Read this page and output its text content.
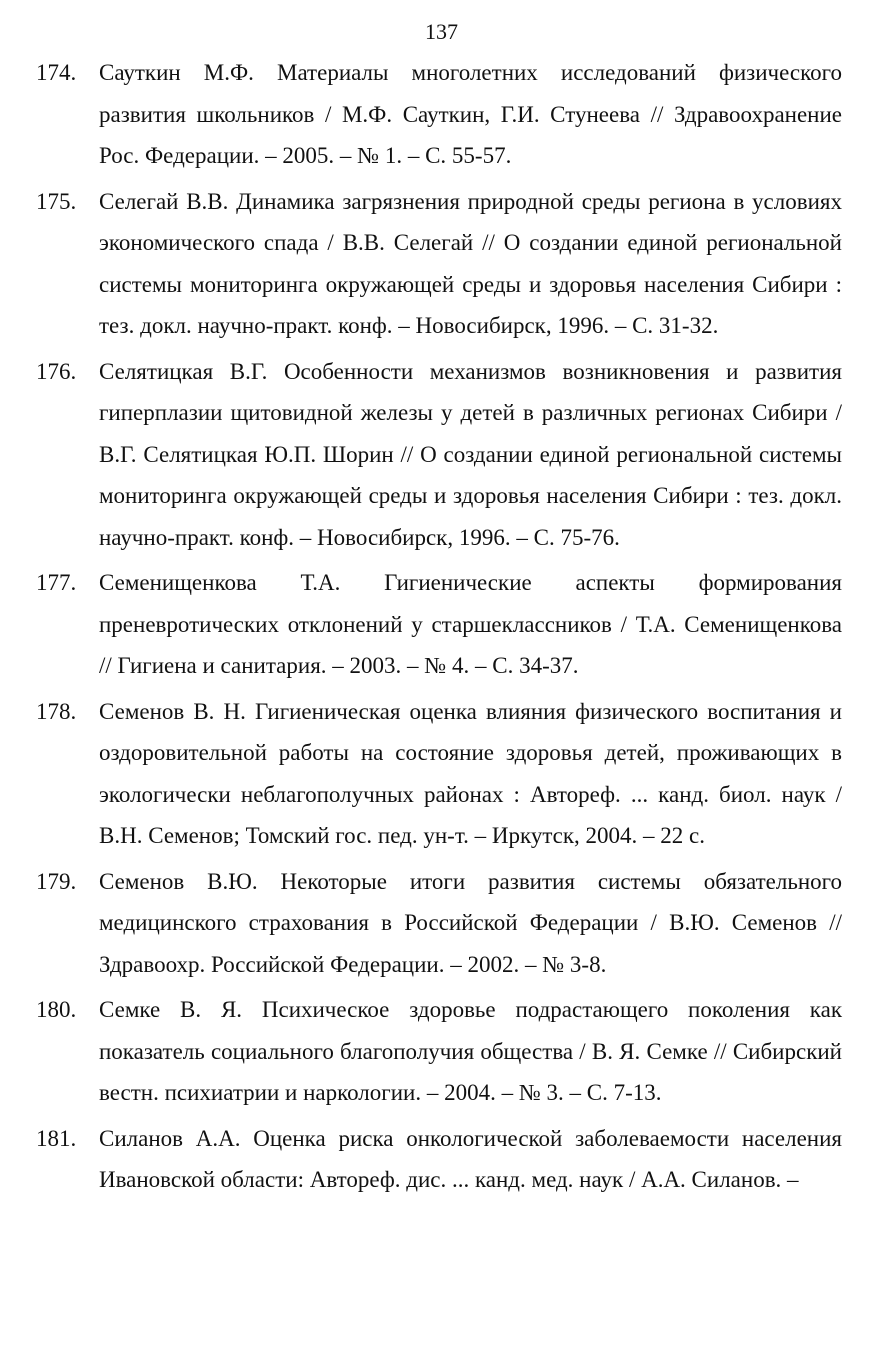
137
174. Сауткин М.Ф. Материалы многолетних исследований физического развития школьников / М.Ф. Сауткин, Г.И. Стунеева // Здравоохранение Рос. Федерации. – 2005. – № 1. – С. 55-57.
175. Селегай В.В. Динамика загрязнения природной среды региона в условиях экономического спада / В.В. Селегай // О создании единой региональной системы мониторинга окружающей среды и здоровья населения Сибири : тез. докл. научно-практ. конф. – Новосибирск, 1996. – С. 31-32.
176. Селятицкая В.Г. Особенности механизмов возникновения и развития гиперплазии щитовидной железы у детей в различных регионах Сибири / В.Г. Селятицкая Ю.П. Шорин // О создании единой региональной системы мониторинга окружающей среды и здоровья населения Сибири : тез. докл. научно-практ. конф. – Новосибирск, 1996. – С. 75-76.
177. Семенищенкова Т.А. Гигиенические аспекты формирования преневротических отклонений у старшеклассников / Т.А. Семенищенкова // Гигиена и санитария. – 2003. – № 4. – С. 34-37.
178. Семенов В. Н. Гигиеническая оценка влияния физического воспитания и оздоровительной работы на состояние здоровья детей, проживающих в экологически неблагополучных районах : Автореф. ... канд. биол. наук / В.Н. Семенов; Томский гос. пед. ун-т. – Иркутск, 2004. – 22 с.
179. Семенов В.Ю. Некоторые итоги развития системы обязательного медицинского страхования в Российской Федерации / В.Ю. Семенов // Здравоохр. Российской Федерации. – 2002. – № 3-8.
180. Семке В. Я. Психическое здоровье подрастающего поколения как показатель социального благополучия общества / В. Я. Семке // Сибирский вестн. психиатрии и наркологии. – 2004. – № 3. – С. 7-13.
181. Силанов А.А. Оценка риска онкологической заболеваемости населения Ивановской области: Автореф. дис. ... канд. мед. наук / А.А. Силанов. –
